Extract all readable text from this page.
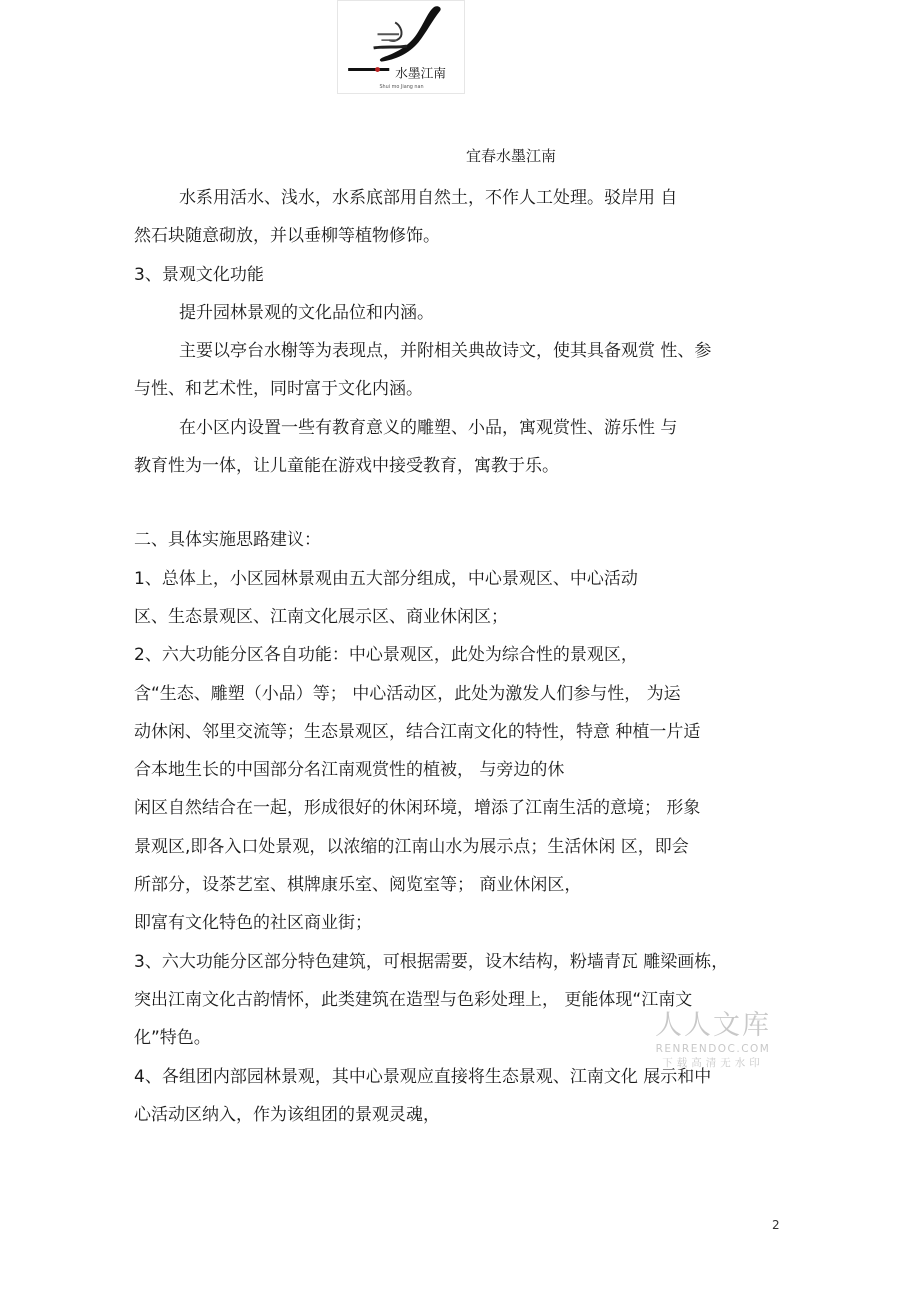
水墨江南
Shui mo Jiang nan
宜春水墨江南
水系用活水、浅水，水系底部用自然土，不作人工处理。驳岸用 自
然石块随意砌放，并以垂柳等植物修饰。
3、景观文化功能
提升园林景观的文化品位和内涵。
主要以亭台水榭等为表现点，并附相关典故诗文，使其具备观赏 性、参
与性、和艺术性，同时富于文化内涵。
在小区内设置一些有教育意义的雕塑、小品，寓观赏性、游乐性 与
教育性为一体，让儿童能在游戏中接受教育，寓教于乐。
二、具体实施思路建议：
1、总体上，小区园林景观由五大部分组成，中心景观区、中心活动
区、生态景观区、江南文化展示区、商业休闲区；
2、六大功能分区各自功能：中心景观区，此处为综合性的景观区，
含“生态、雕塑（小品）等； 中心活动区，此处为激发人们参与性， 为运
动休闲、邻里交流等；生态景观区，结合江南文化的特性，特意 种植一片适
合本地生长的中国部分名江南观赏性的植被， 与旁边的休
闲区自然结合在一起，形成很好的休闲环境，增添了江南生活的意境； 形象
景观区,即各入口处景观，以浓缩的江南山水为展示点；生活休闲 区，即会
所部分，设茶艺室、棋牌康乐室、阅览室等； 商业休闲区，
即富有文化特色的社区商业街；
3、六大功能分区部分特色建筑，可根据需要，设木结构，粉墙青瓦 雕梁画栋，
突出江南文化古韵情怀，此类建筑在造型与色彩处理上， 更能体现“江南文
化”特色。
4、各组团内部园林景观，其中心景观应直接将生态景观、江南文化 展示和中
心活动区纳入，作为该组团的景观灵魂，
人人文库
RENRENDOC.COM
下载高清无水印
2
